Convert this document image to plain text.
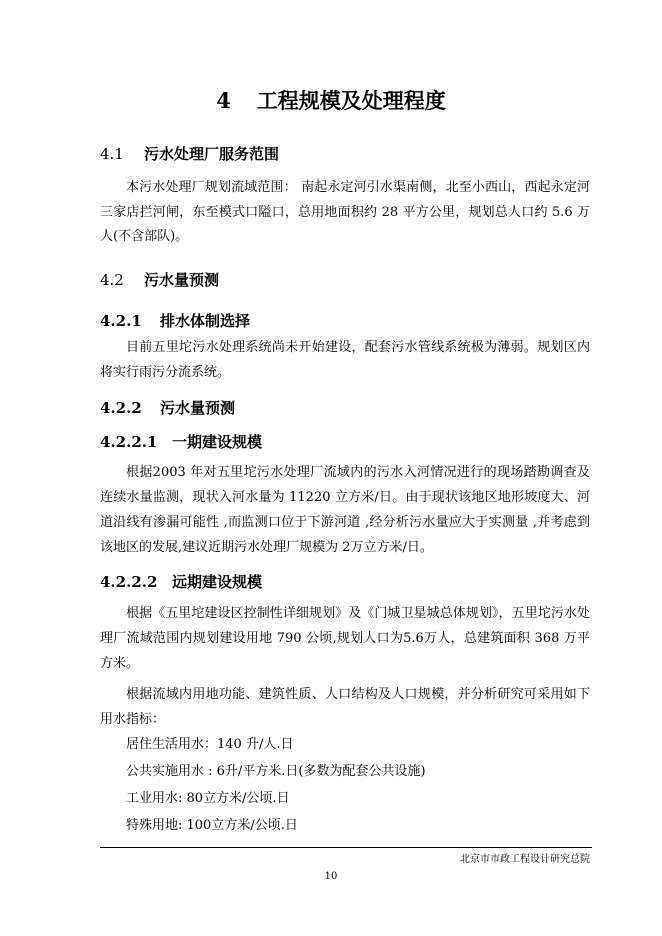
4 工程规模及处理程度
4.1 污水处理厂服务范围
本污水处理厂规划流域范围： 南起永定河引水渠南侧，北至小西山，西起永定河三家店拦河闸，东至模式口隘口，总用地面积约 28 平方公里，规划总人口约 5.6 万人(不含部队)。
4.2 污水量预测
4.2.1 排水体制选择
目前五里坨污水处理系统尚未开始建设，配套污水管线系统极为薄弱。规划区内将实行雨污分流系统。
4.2.2 污水量预测
4.2.2.1 一期建设规模
根据2003 年对五里坨污水处理厂流域内的污水入河情况进行的现场踏勘调查及连续水量监测，现状入河水量为 11220 立方米/日。由于现状该地区地形坡度大、河道沿线有渗漏可能性 ,而监测口位于下游河道 ,经分析污水量应大于实测量 ,并考虑到该地区的发展,建议近期污水处理厂规模为 2万立方米/日。
4.2.2.2 远期建设规模
根据《五里坨建设区控制性详细规划》及《门城卫星城总体规划》，五里坨污水处理厂流域范围内规划建设用地 790 公顷,规划人口为5.6万人，总建筑面积 368 万平方米。
根据流域内用地功能、建筑性质、人口结构及人口规模，并分析研究可采用如下用水指标：
居住生活用水：140 升/人.日
公共实施用水 : 6升/平方米.日(多数为配套公共设施)
工业用水: 80立方米/公顷.日
特殊用地: 100立方米/公顷.日
北京市市政工程设计研究总院
10
